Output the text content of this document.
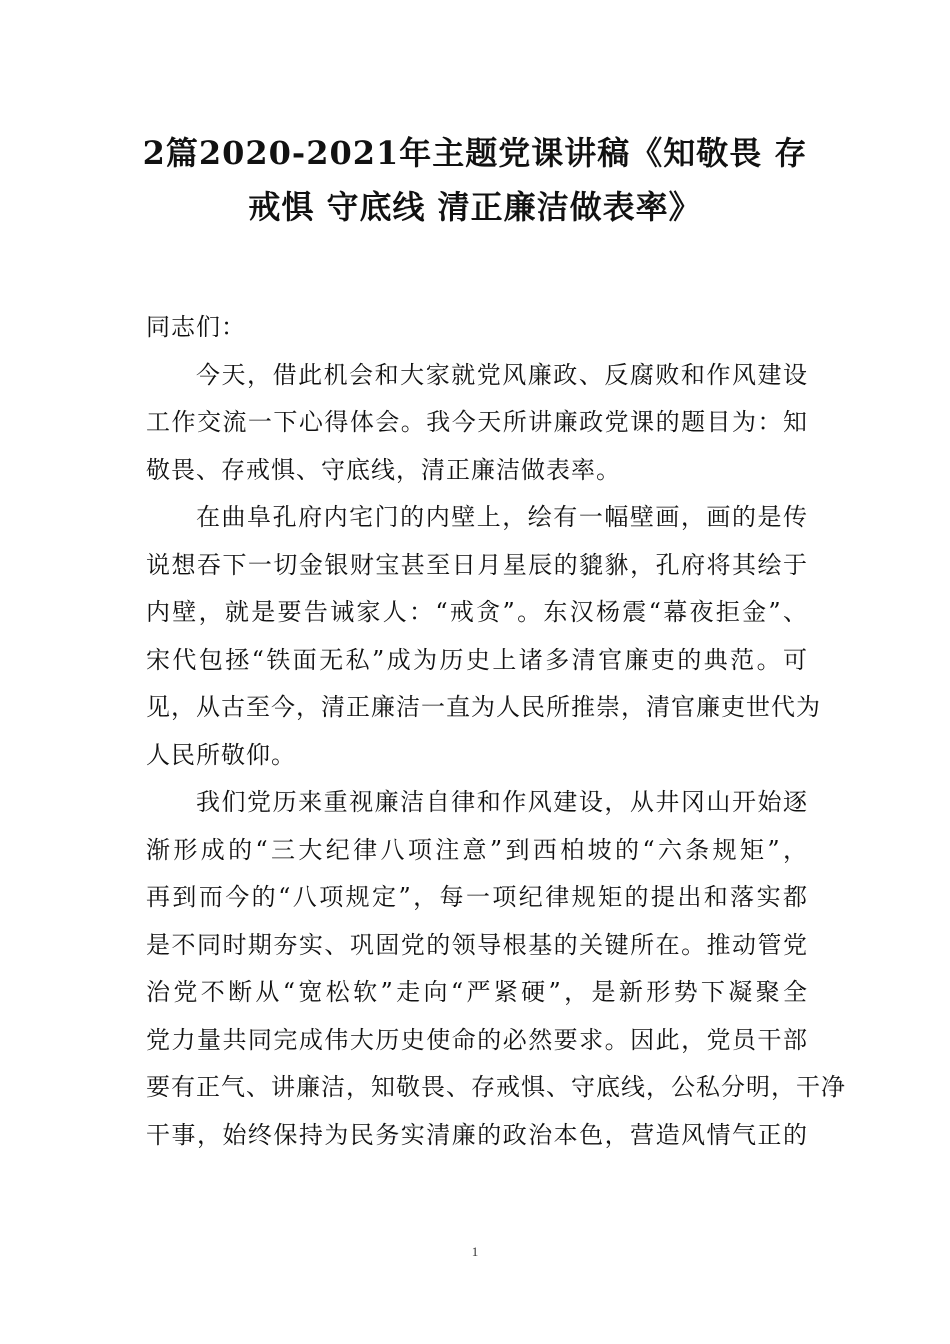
2篇2020-2021年主题党课讲稿《知敬畏 存
戒惧 守底线 清正廉洁做表率》

同志们：

今天，借此机会和大家就党风廉政、反腐败和作风建设
工作交流一下心得体会。我今天所讲廉政党课的题目为：知
敬畏、存戒惧、守底线，清正廉洁做表率。

在曲阜孔府内宅门的内壁上，绘有一幅壁画，画的是传
说想吞下一切金银财宝甚至日月星辰的貔貅，孔府将其绘于
内壁，就是要告诫家人：“戒贪”。东汉杨震“幕夜拒金”、
宋代包拯“铁面无私”成为历史上诸多清官廉吏的典范。可
见，从古至今，清正廉洁一直为人民所推崇，清官廉吏世代为
人民所敬仰。

我们党历来重视廉洁自律和作风建设，从井冈山开始逐
渐形成的“三大纪律八项注意”到西柏坡的“六条规矩”，
再到而今的“八项规定”，每一项纪律规矩的提出和落实都
是不同时期夯实、巩固党的领导根基的关键所在。推动管党
治党不断从“宽松软”走向“严紧硬”，是新形势下凝聚全
党力量共同完成伟大历史使命的必然要求。因此，党员干部
要有正气、讲廉洁，知敬畏、存戒惧、守底线，公私分明，干净
干事，始终保持为民务实清廉的政治本色，营造风情气正的

1
